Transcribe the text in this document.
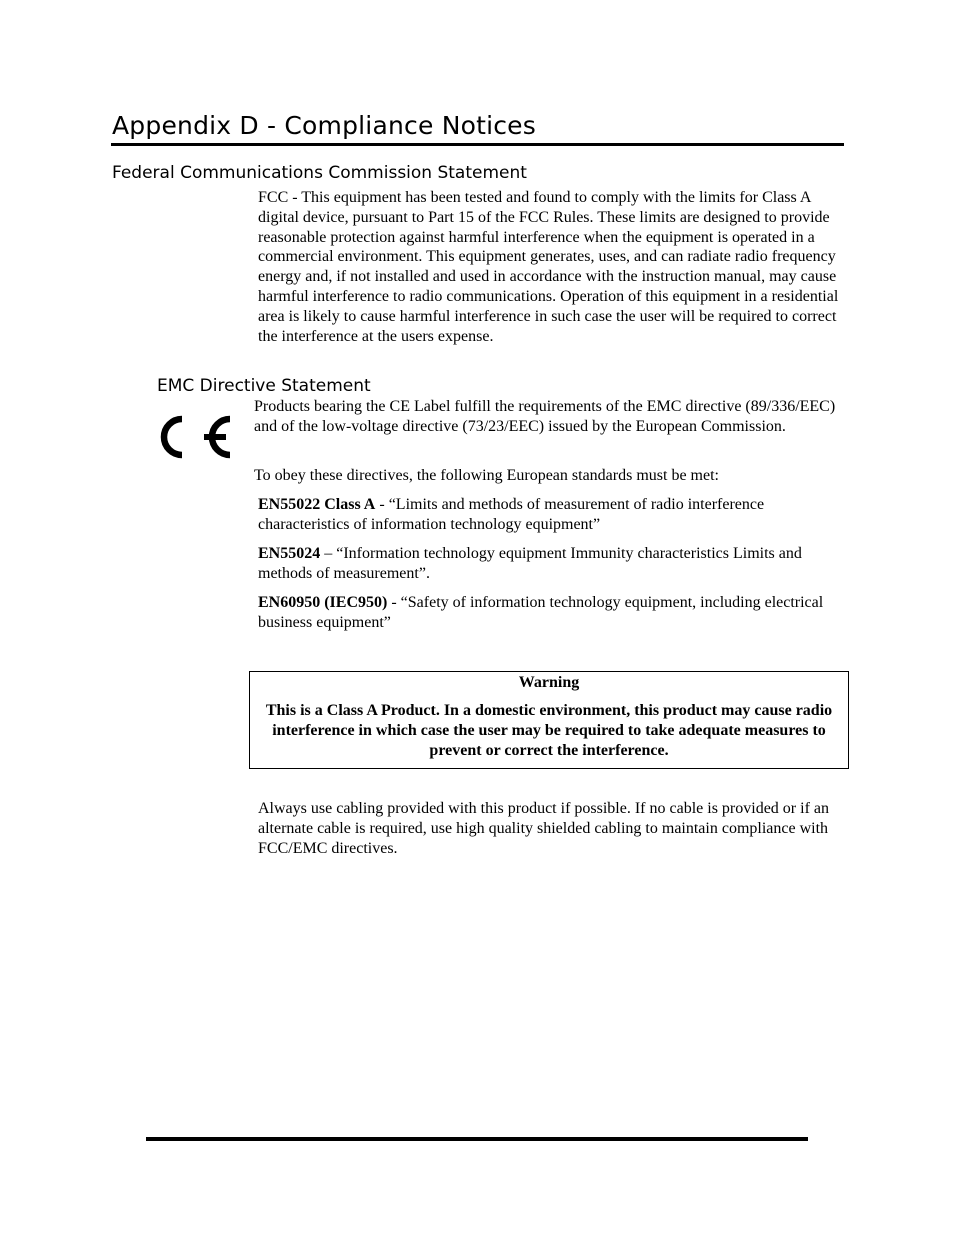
Appendix D - Compliance Notices
Federal Communications Commission Statement

FCC - This equipment has been tested and found to comply with the limits for Class A digital device, pursuant to Part 15 of the FCC Rules. These limits are designed to provide reasonable protection against harmful interference when the equipment is operated in a commercial environment. This equipment generates, uses, and can radiate radio frequency energy and, if not installed and used in accordance with the instruction manual, may cause harmful interference to radio communications. Operation of this equipment in a residential area is likely to cause harmful interference in such case the user will be required to correct the interference at the users expense.

EMC Directive Statement

Products bearing the CE Label fulfill the requirements of the EMC directive (89/336/EEC) and of the low-voltage directive (73/23/EEC) issued by the European Commission.

To obey these directives, the following European standards must be met:

EN55022 Class A - “Limits and methods of measurement of radio interference characteristics of information technology equipment”

EN55024 – “Information technology equipment Immunity characteristics Limits and methods of measurement”.

EN60950 (IEC950) - “Safety of information technology equipment, including electrical business equipment”

Warning
This is a Class A Product. In a domestic environment, this product may cause radio interference in which case the user may be required to take adequate measures to prevent or correct the interference.

Always use cabling provided with this product if possible. If no cable is provided or if an alternate cable is required, use high quality shielded cabling to maintain compliance with FCC/EMC directives.
